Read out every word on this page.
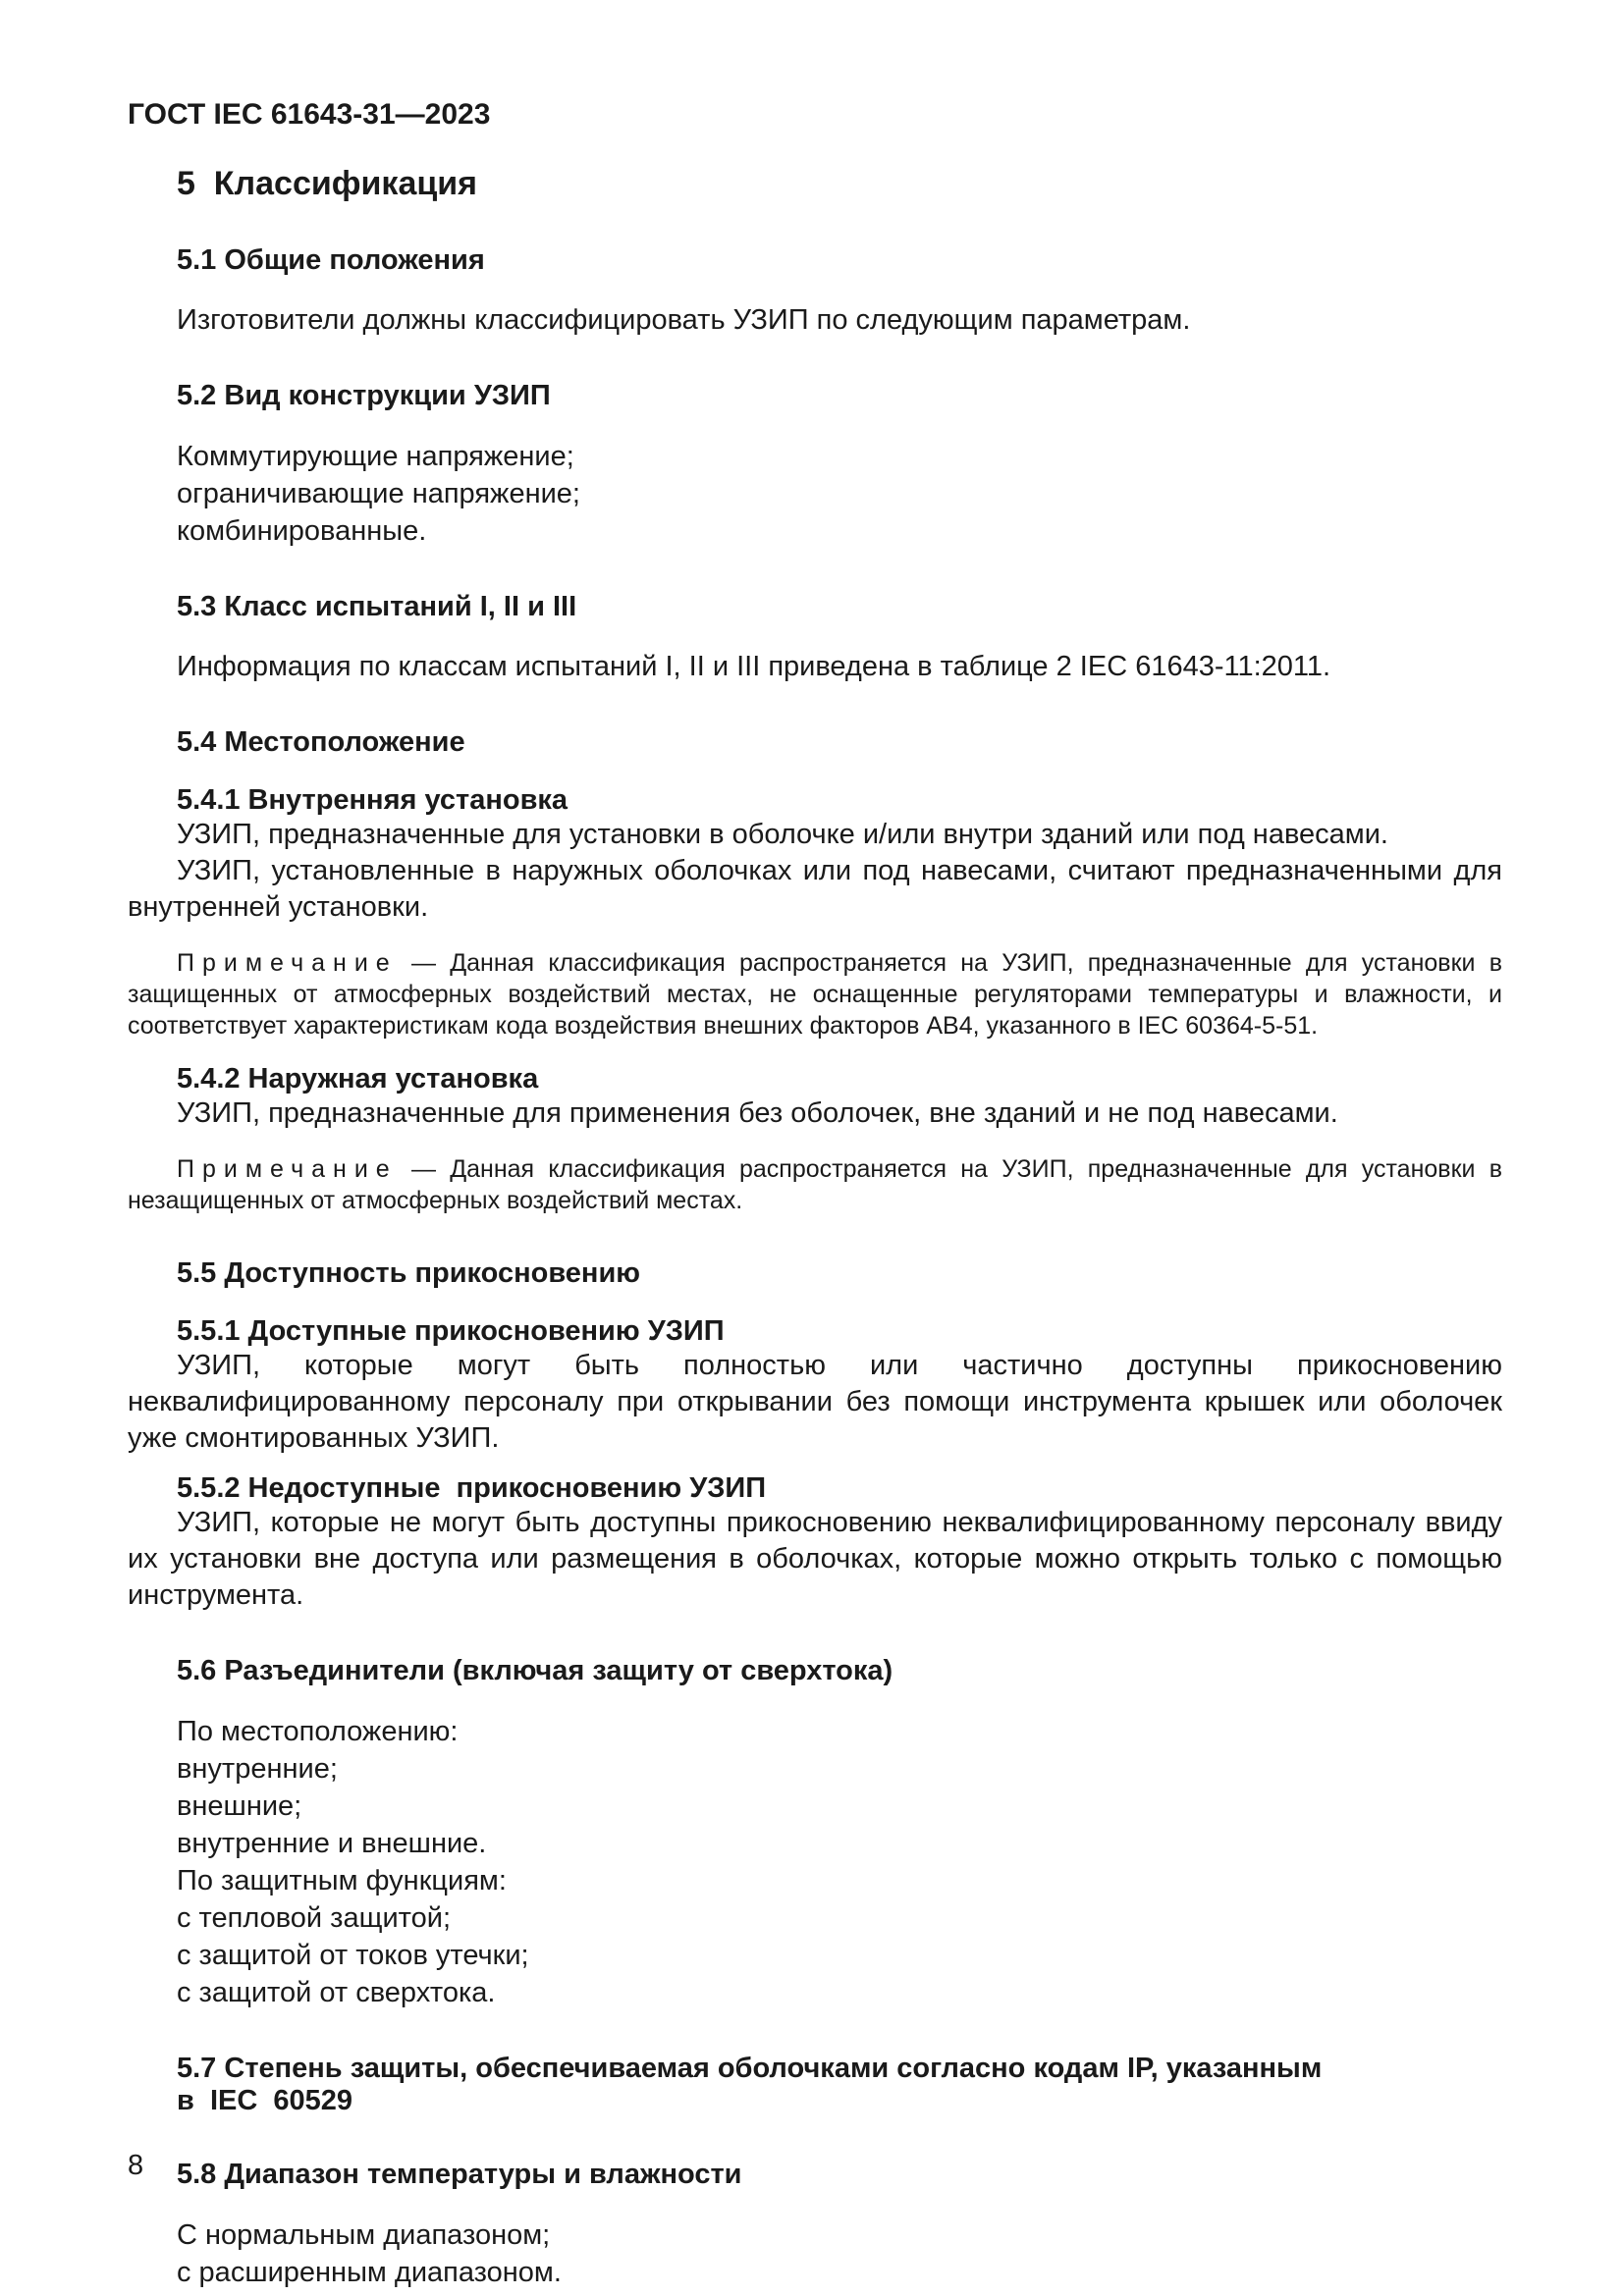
ГОСТ IEC 61643-31—2023
5  Классификация
5.1 Общие положения

Изготовители должны классифицировать УЗИП по следующим параметрам.

5.2 Вид конструкции УЗИП

Коммутирующие напряжение;

ограничивающие напряжение;

комбинированные.

5.3 Класс испытаний I, II и III

Информация по классам испытаний I, II и III приведена в таблице 2 IEC 61643-11:2011.

5.4 Местоположение
5.4.1 Внутренняя установка

УЗИП, предназначенные для установки в оболочке и/или внутри зданий или под навесами.

УЗИП, установленные в наружных оболочках или под навесами, считают предназначенными для внутренней установки.

Примечание — Данная классификация распространяется на УЗИП, предназначенные для установки в защищенных от атмосферных воздействий местах, не оснащенные регуляторами температуры и влажности, и соответствует характеристикам кода воздействия внешних факторов АВ4, указанного в IEC 60364-5-51.

5.4.2 Наружная установка

УЗИП, предназначенные для применения без оболочек, вне зданий и не под навесами.

Примечание — Данная классификация распространяется на УЗИП, предназначенные для установки в незащищенных от атмосферных воздействий местах.

5.5 Доступность прикосновению
5.5.1 Доступные прикосновению УЗИП

УЗИП, которые могут быть полностью или частично доступны прикосновению неквалифицированному персоналу при открывании без помощи инструмента крышек или оболочек уже смонтированных УЗИП.

5.5.2 Недоступные  прикосновению УЗИП

УЗИП, которые не могут быть доступны прикосновению неквалифицированному персоналу ввиду их установки вне доступа или размещения в оболочках, которые можно открыть только с помощью инструмента.

5.6 Разъединители (включая защиту от сверхтока)

По местоположению:

внутренние;

внешние;

внутренние и внешние.

По защитным функциям:

с тепловой защитой;

с защитой от токов утечки;

с защитой от сверхтока.

5.7 Степень защиты, обеспечиваемая оболочками согласно кодам IP, указанным
в  IEC  60529
5.8 Диапазон температуры и влажности

С нормальным диапазоном;

с расширенным диапазоном.

8
